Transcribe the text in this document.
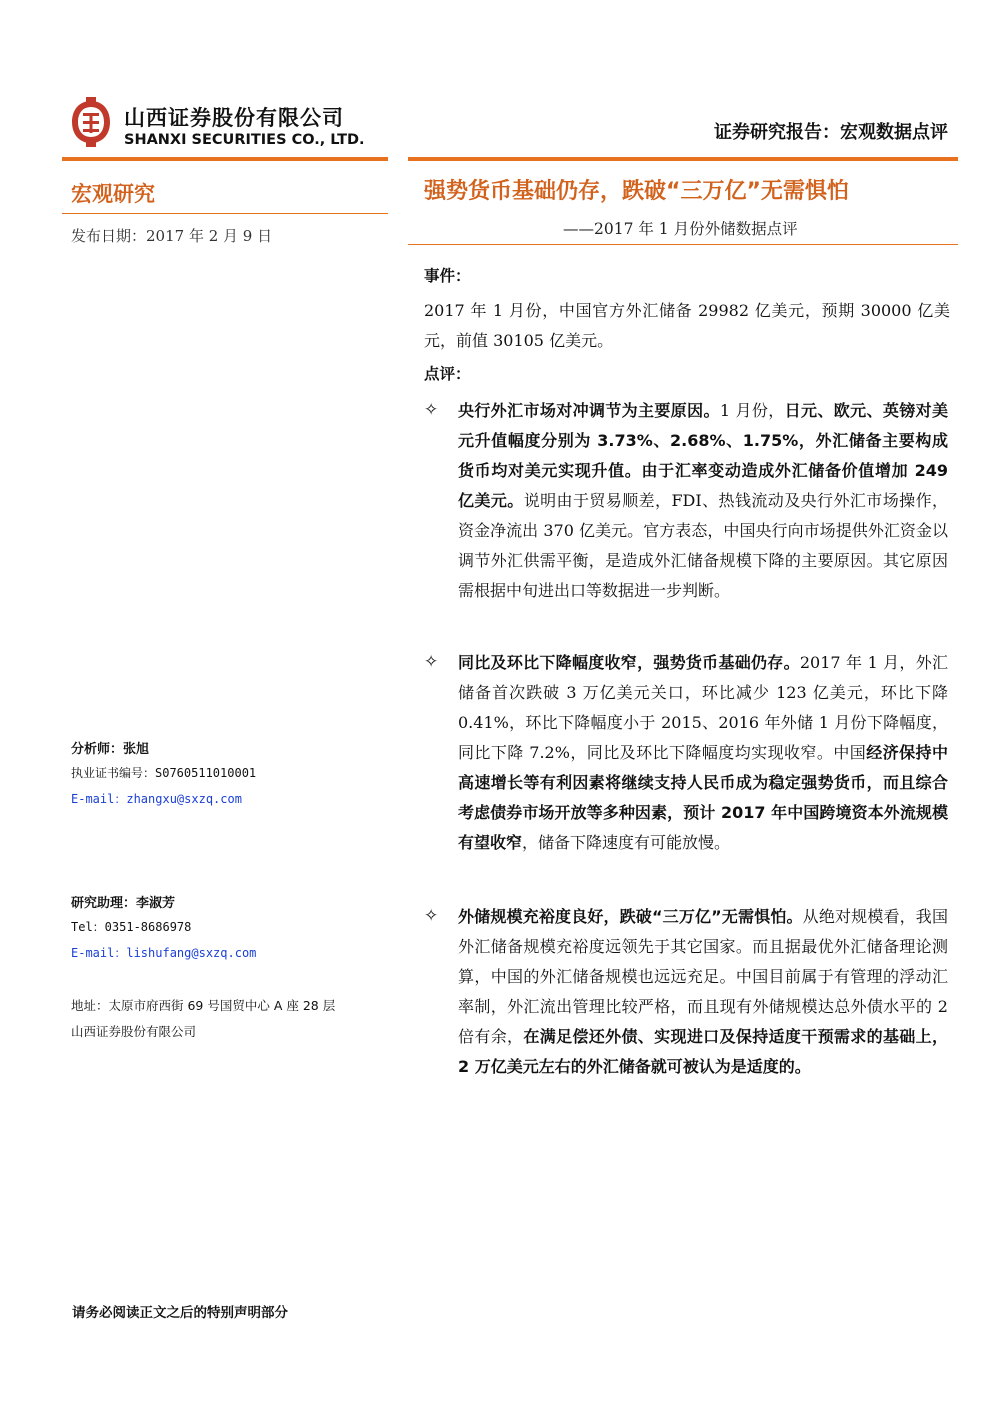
山西证券股份有限公司
SHANXI SECURITIES CO., LTD.	证券研究报告：宏观数据点评
宏观研究
发布日期：2017 年 2 月 9 日
分析师：张旭
执业证书编号：S0760511010001
E-mail：zhangxu@sxzq.com
研究助理：李淑芳
Tel：0351-8686978
E-mail：lishufang@sxzq.com
地址：太原市府西街 69 号国贸中心 A 座 28 层
山西证券股份有限公司
强势货币基础仍存，跌破“三万亿”无需惧怕
——2017 年 1 月份外储数据点评
事件：
2017 年 1 月份，中国官方外汇储备 29982 亿美元，预期 30000 亿美元，前值 30105 亿美元。
点评：
✧ 央行外汇市场对冲调节为主要原因。1 月份，日元、欧元、英镑对美元升值幅度分别为 3.73%、2.68%、1.75%，外汇储备主要构成货币均对美元实现升值。由于汇率变动造成外汇储备价值增加 249 亿美元。说明由于贸易顺差，FDI、热钱流动及央行外汇市场操作，资金净流出 370 亿美元。官方表态，中国央行向市场提供外汇资金以调节外汇供需平衡，是造成外汇储备规模下降的主要原因。其它原因需根据中旬进出口等数据进一步判断。
✧ 同比及环比下降幅度收窄，强势货币基础仍存。2017 年 1 月，外汇储备首次跌破 3 万亿美元关口，环比减少 123 亿美元，环比下降 0.41%，环比下降幅度小于 2015、2016 年外储 1 月份下降幅度，同比下降 7.2%，同比及环比下降幅度均实现收窄。中国经济保持中高速增长等有利因素将继续支持人民币成为稳定强势货币，而且综合考虑债券市场开放等多种因素，预计 2017 年中国跨境资本外流规模有望收窄，储备下降速度有可能放慢。
✧ 外储规模充裕度良好，跌破“三万亿”无需惧怕。从绝对规模看，我国外汇储备规模充裕度远领先于其它国家。而且据最优外汇储备理论测算，中国的外汇储备规模也远远充足。中国目前属于有管理的浮动汇率制，外汇流出管理比较严格，而且现有外储规模达总外债水平的 2 倍有余，在满足偿还外债、实现进口及保持适度干预需求的基础上， 2 万亿美元左右的外汇储备就可被认为是适度的。
请务必阅读正文之后的特别声明部分
